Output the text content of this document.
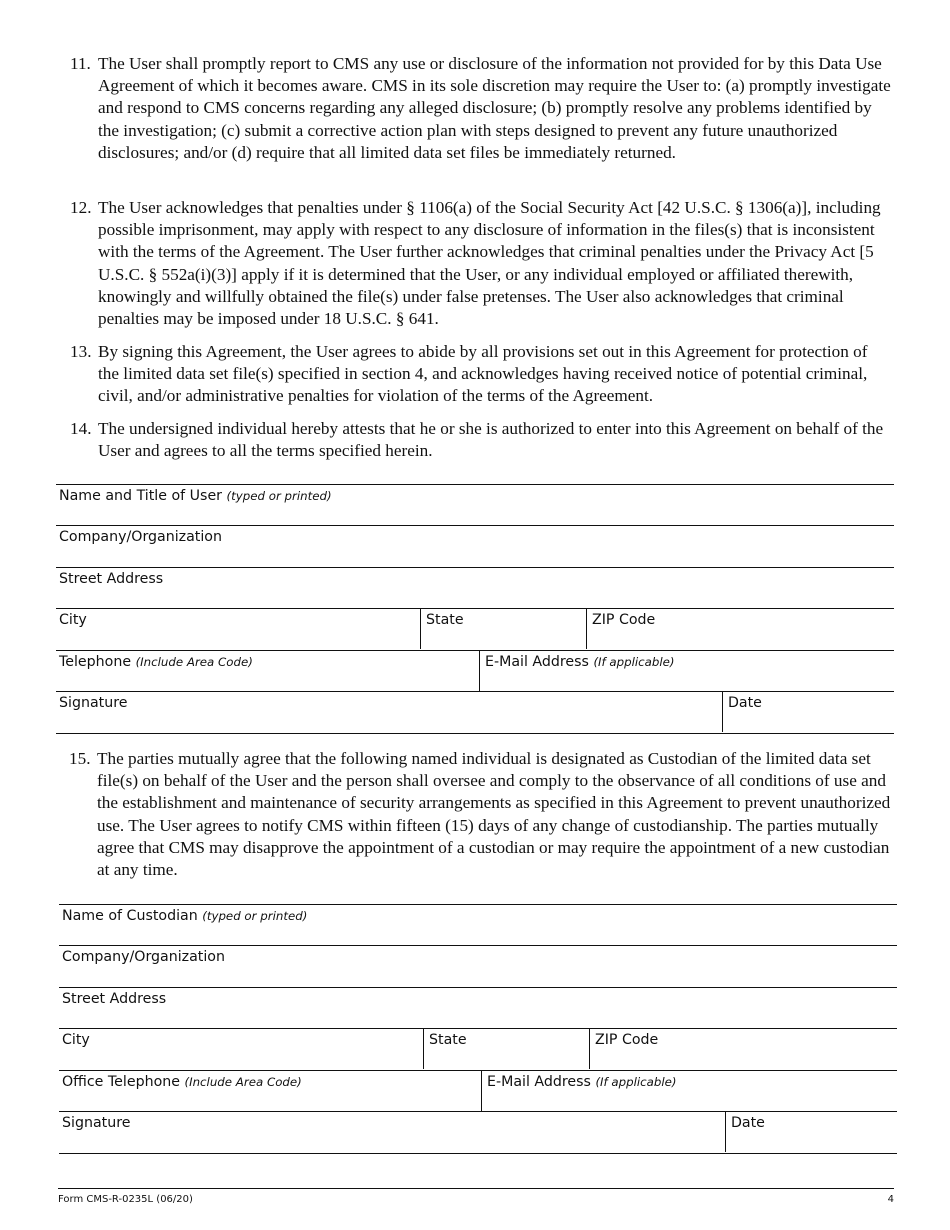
11. The User shall promptly report to CMS any use or disclosure of the information not provided for by this Data Use Agreement of which it becomes aware. CMS in its sole discretion may require the User to: (a) promptly investigate and respond to CMS concerns regarding any alleged disclosure; (b) promptly resolve any problems identified by the investigation; (c) submit a corrective action plan with steps designed to prevent any future unauthorized disclosures; and/or (d) require that all limited data set files be immediately returned.
12. The User acknowledges that penalties under § 1106(a) of the Social Security Act [42 U.S.C. § 1306(a)], including possible imprisonment, may apply with respect to any disclosure of information in the files(s) that is inconsistent with the terms of the Agreement. The User further acknowledges that criminal penalties under the Privacy Act [5 U.S.C. § 552a(i)(3)] apply if it is determined that the User, or any individual employed or affiliated therewith, knowingly and willfully obtained the file(s) under false pretenses. The User also acknowledges that criminal penalties may be imposed under 18 U.S.C. § 641.
13. By signing this Agreement, the User agrees to abide by all provisions set out in this Agreement for protection of the limited data set file(s) specified in section 4, and acknowledges having received notice of potential criminal, civil, and/or administrative penalties for violation of the terms of the Agreement.
14. The undersigned individual hereby attests that he or she is authorized to enter into this Agreement on behalf of the User and agrees to all the terms specified herein.
Name and Title of User (typed or printed)
Company/Organization
Street Address
City	State	ZIP Code
Telephone (Include Area Code)	E-Mail Address (If applicable)
Signature	Date
15. The parties mutually agree that the following named individual is designated as Custodian of the limited data set file(s) on behalf of the User and the person shall oversee and comply to the observance of all conditions of use and the establishment and maintenance of security arrangements as specified in this Agreement to prevent unauthorized use. The User agrees to notify CMS within fifteen (15) days of any change of custodianship. The parties mutually agree that CMS may disapprove the appointment of a custodian or may require the appointment of a new custodian at any time.
Name of Custodian (typed or printed)
Company/Organization
Street Address
City	State	ZIP Code
Office Telephone (Include Area Code)	E-Mail Address (If applicable)
Signature	Date
Form CMS-R-0235L (06/20)	4
